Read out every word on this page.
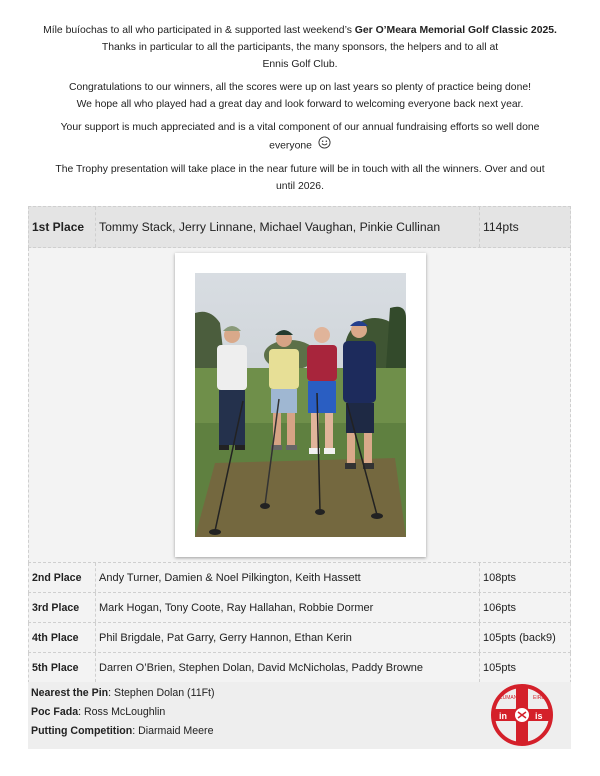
Míle buíochas to all who participated in & supported last weekend’s Ger O’Meara Memorial Golf Classic 2025.
Thanks in particular to all the participants, the many sponsors, the helpers and to all at
Ennis Golf Club.

Congratulations to our winners, all the scores were up on last years so plenty of practice being done!
We hope all who played had a great day and look forward to welcoming everyone back next year.

Your support is much appreciated and is a vital component of our annual fundraising efforts so well done
everyone

The Trophy presentation will take place in the near future will be in touch with all the winners. Over and out
until 2026.

1st Place	Tommy Stack, Jerry Linnane, Michael Vaughan, Pinkie Cullinan	114pts
2nd Place	Andy Turner, Damien & Noel Pilkington, Keith Hassett	108pts
3rd Place	Mark Hogan, Tony Coote, Ray Hallahan, Robbie Dormer	106pts
4th Place	Phil Brigdale, Pat Garry, Gerry Hannon, Ethan Kerin	105pts (back9)
5th Place	Darren O’Brien, Stephen Dolan, David McNicholas, Paddy Browne	105pts
Nearest the Pin: Stephen Dolan (11Ft)
Poc Fada: Ross McLoughlin
Putting Competition: Diarmaid Meere
in	is
CUMANN EIRE
